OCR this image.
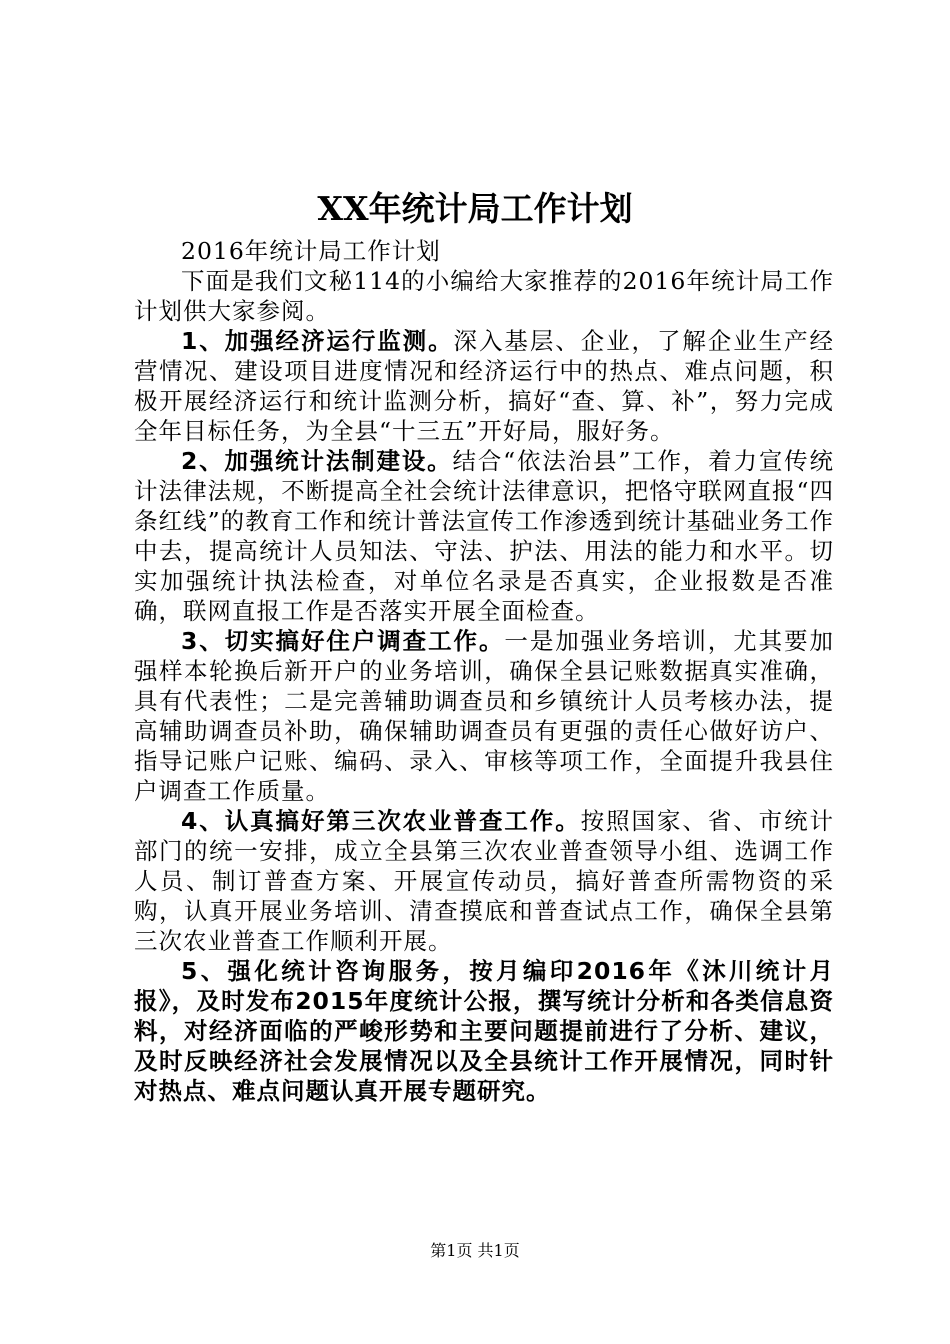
XX年统计局工作计划

2016年统计局工作计划

下面是我们文秘114的小编给大家推荐的2016年统计局工作计划供大家参阅。

1、加强经济运行监测。深入基层、企业，了解企业生产经营情况、建设项目进度情况和经济运行中的热点、难点问题，积极开展经济运行和统计监测分析，搞好“查、算、补”，努力完成全年目标任务，为全县“十三五”开好局，服好务。

2、加强统计法制建设。结合“依法治县”工作，着力宣传统计法律法规，不断提高全社会统计法律意识，把恪守联网直报“四条红线”的教育工作和统计普法宣传工作渗透到统计基础业务工作中去，提高统计人员知法、守法、护法、用法的能力和水平。切实加强统计执法检查，对单位名录是否真实，企业报数是否准确，联网直报工作是否落实开展全面检查。

3、切实搞好住户调查工作。一是加强业务培训，尤其要加强样本轮换后新开户的业务培训，确保全县记账数据真实准确，具有代表性；二是完善辅助调查员和乡镇统计人员考核办法，提高辅助调查员补助，确保辅助调查员有更强的责任心做好访户、指导记账户记账、编码、录入、审核等项工作，全面提升我县住户调查工作质量。

4、认真搞好第三次农业普查工作。按照国家、省、市统计部门的统一安排，成立全县第三次农业普查领导小组、选调工作人员、制订普查方案、开展宣传动员，搞好普查所需物资的采购，认真开展业务培训、清查摸底和普查试点工作，确保全县第三次农业普查工作顺利开展。

5、强化统计咨询服务，按月编印2016年《沐川统计月报》，及时发布2015年度统计公报，撰写统计分析和各类信息资料，对经济面临的严峻形势和主要问题提前进行了分析、建议，及时反映经济社会发展情况以及全县统计工作开展情况，同时针对热点、难点问题认真开展专题研究。

第1页 共1页
